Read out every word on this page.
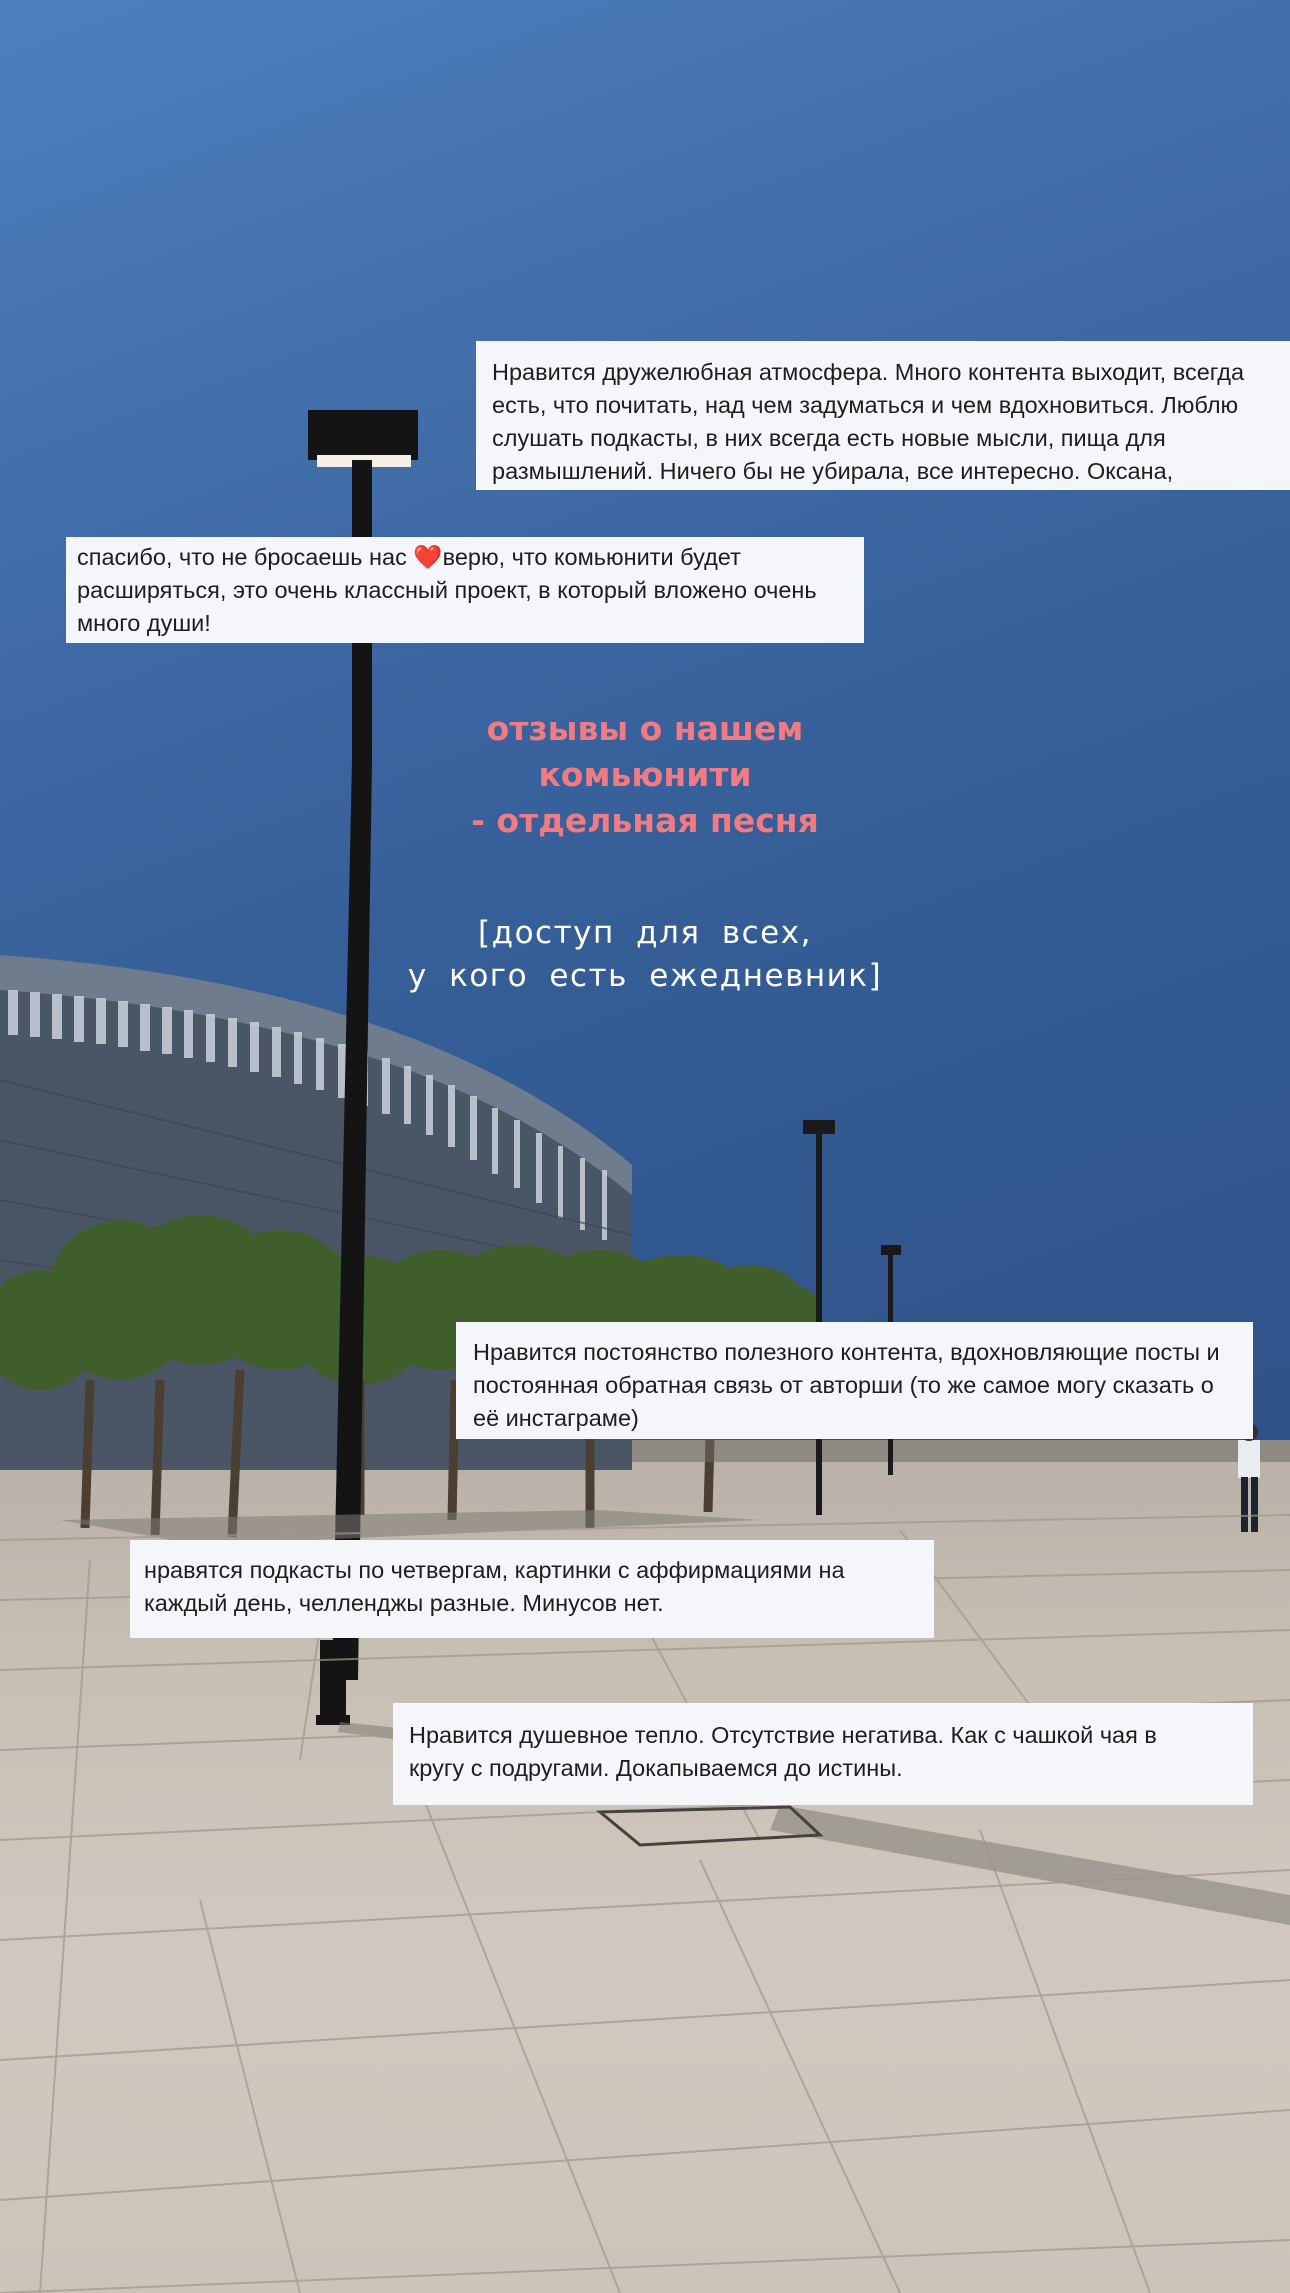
Нравится дружелюбная атмосфера. Много контента выходит, всегда
есть, что почитать, над чем задуматься и чем вдохновиться. Люблю
слушать подкасты, в них всегда есть новые мысли, пища для
размышлений. Ничего бы не убирала, все интересно. Оксана,
спасибо, что не бросаешь нас ❤️верю, что комьюнити будет
расширяться, это очень классный проект, в который вложено очень
много души!
отзывы о нашем
комьюнити
- отдельная песня
[доступ для всех,
у кого есть ежедневник]
Нравится постоянство полезного контента, вдохновляющие посты и
постоянная обратная связь от авторши (то же самое могу сказать о
её инстаграме)
нравятся подкасты по четвергам, картинки с аффирмациями на
каждый день, челленджы разные. Минусов нет.
Нравится душевное тепло. Отсутствие негатива. Как с чашкой чая в
кругу с подругами. Докапываемся до истины.
